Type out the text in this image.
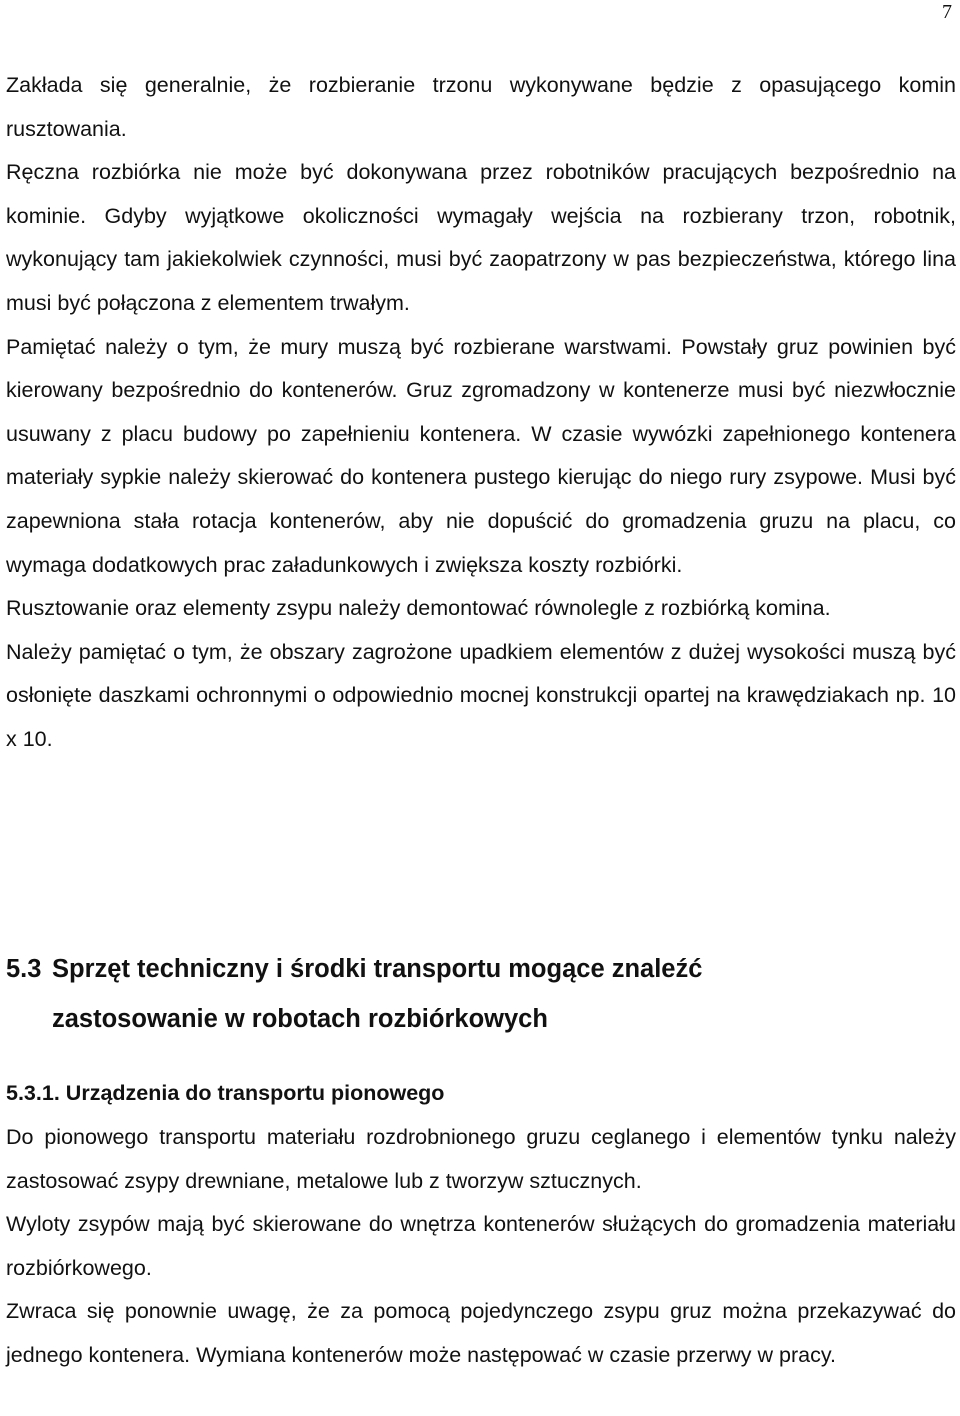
7

Zakłada się generalnie, że rozbieranie trzonu wykonywane będzie z opasującego komin rusztowania.

Ręczna rozbiórka nie może być dokonywana przez robotników pracujących bezpośrednio na kominie. Gdyby wyjątkowe okoliczności wymagały wejścia na rozbierany trzon, robotnik, wykonujący tam jakiekolwiek czynności, musi być zaopatrzony w pas bezpieczeństwa, którego lina musi być połączona z elementem trwałym.

Pamiętać należy o tym, że mury muszą być rozbierane warstwami. Powstały gruz powinien być kierowany bezpośrednio do kontenerów. Gruz zgromadzony w kontenerze musi być niezwłocznie usuwany z placu budowy po zapełnieniu kontenera. W czasie wywózki zapełnionego kontenera materiały sypkie należy skierować do kontenera pustego kierując do niego rury zsypowe. Musi być zapewniona stała rotacja kontenerów, aby nie dopuścić do gromadzenia gruzu na placu, co wymaga dodatkowych prac załadunkowych i zwiększa koszty rozbiórki.

Rusztowanie oraz elementy zsypu należy demontować równolegle z rozbiórką komina.

Należy pamiętać o tym, że obszary zagrożone upadkiem elementów z dużej wysokości muszą być osłonięte daszkami ochronnymi o odpowiednio mocnej konstrukcji opartej na krawędziakach np. 10 x 10.

5.3 Sprzęt techniczny i środki transportu mogące znaleźć zastosowanie w robotach rozbiórkowych
5.3.1. Urządzenia do transportu pionowego

Do pionowego transportu materiału rozdrobnionego gruzu ceglanego i elementów tynku należy zastosować zsypy drewniane, metalowe lub z tworzyw sztucznych.

Wyloty zsypów mają być skierowane do wnętrza kontenerów służących do gromadzenia materiału rozbiórkowego.

Zwraca się ponownie uwagę, że za pomocą pojedynczego zsypu gruz można przekazywać do jednego kontenera. Wymiana kontenerów może następować w czasie przerwy w pracy.
